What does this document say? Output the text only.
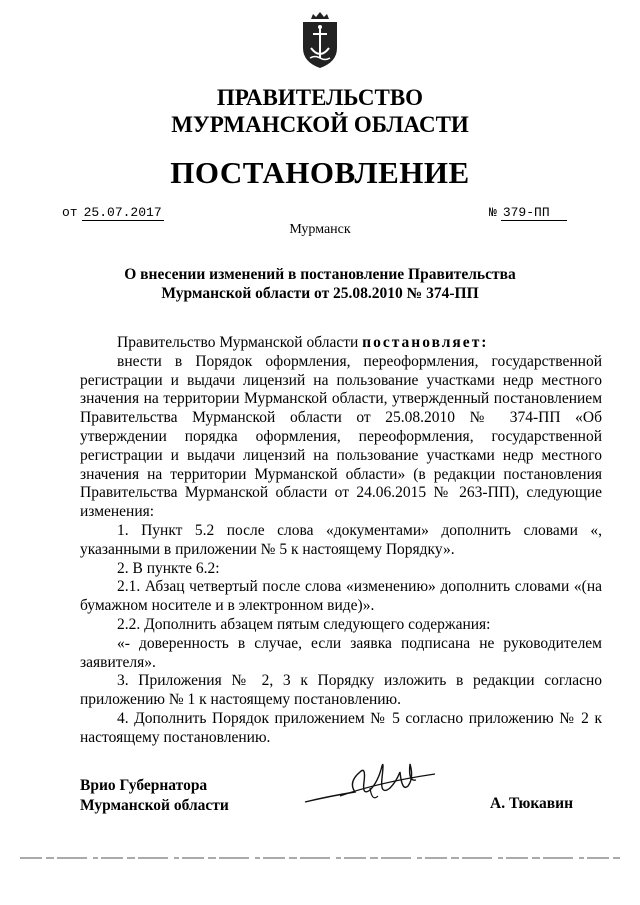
ПРАВИТЕЛЬСТВО
МУРМАНСКОЙ ОБЛАСТИ
ПОСТАНОВЛЕНИЕ
от 25.07.2017	№ 379-ПП
Мурманск
О внесении изменений в постановление Правительства
Мурманской области от 25.08.2010 № 374-ПП

Правительство Мурманской области постановляет:

внести в Порядок оформления, переоформления, государственной регистрации и выдачи лицензий на пользование участками недр местного значения на территории Мурманской области, утвержденный постановлением Правительства Мурманской области от 25.08.2010 № 374-ПП «Об утверждении порядка оформления, переоформления, государственной регистрации и выдачи лицензий на пользование участками недр местного значения на территории Мурманской области» (в редакции постановления Правительства Мурманской области от 24.06.2015 № 263-ПП), следующие изменения:

1. Пункт 5.2 после слова «документами» дополнить словами «, указанными в приложении № 5 к настоящему Порядку».

2. В пункте 6.2:

2.1. Абзац четвертый после слова «изменению» дополнить словами «(на бумажном носителе и в электронном виде)».

2.2. Дополнить абзацем пятым следующего содержания:

«- доверенность в случае, если заявка подписана не руководителем заявителя».

3. Приложения № 2, 3 к Порядку изложить в редакции согласно приложению № 1 к настоящему постановлению.

4. Дополнить Порядок приложением № 5 согласно приложению № 2 к настоящему постановлению.

Врио Губернатора
Мурманской области	А. Тюкавин
